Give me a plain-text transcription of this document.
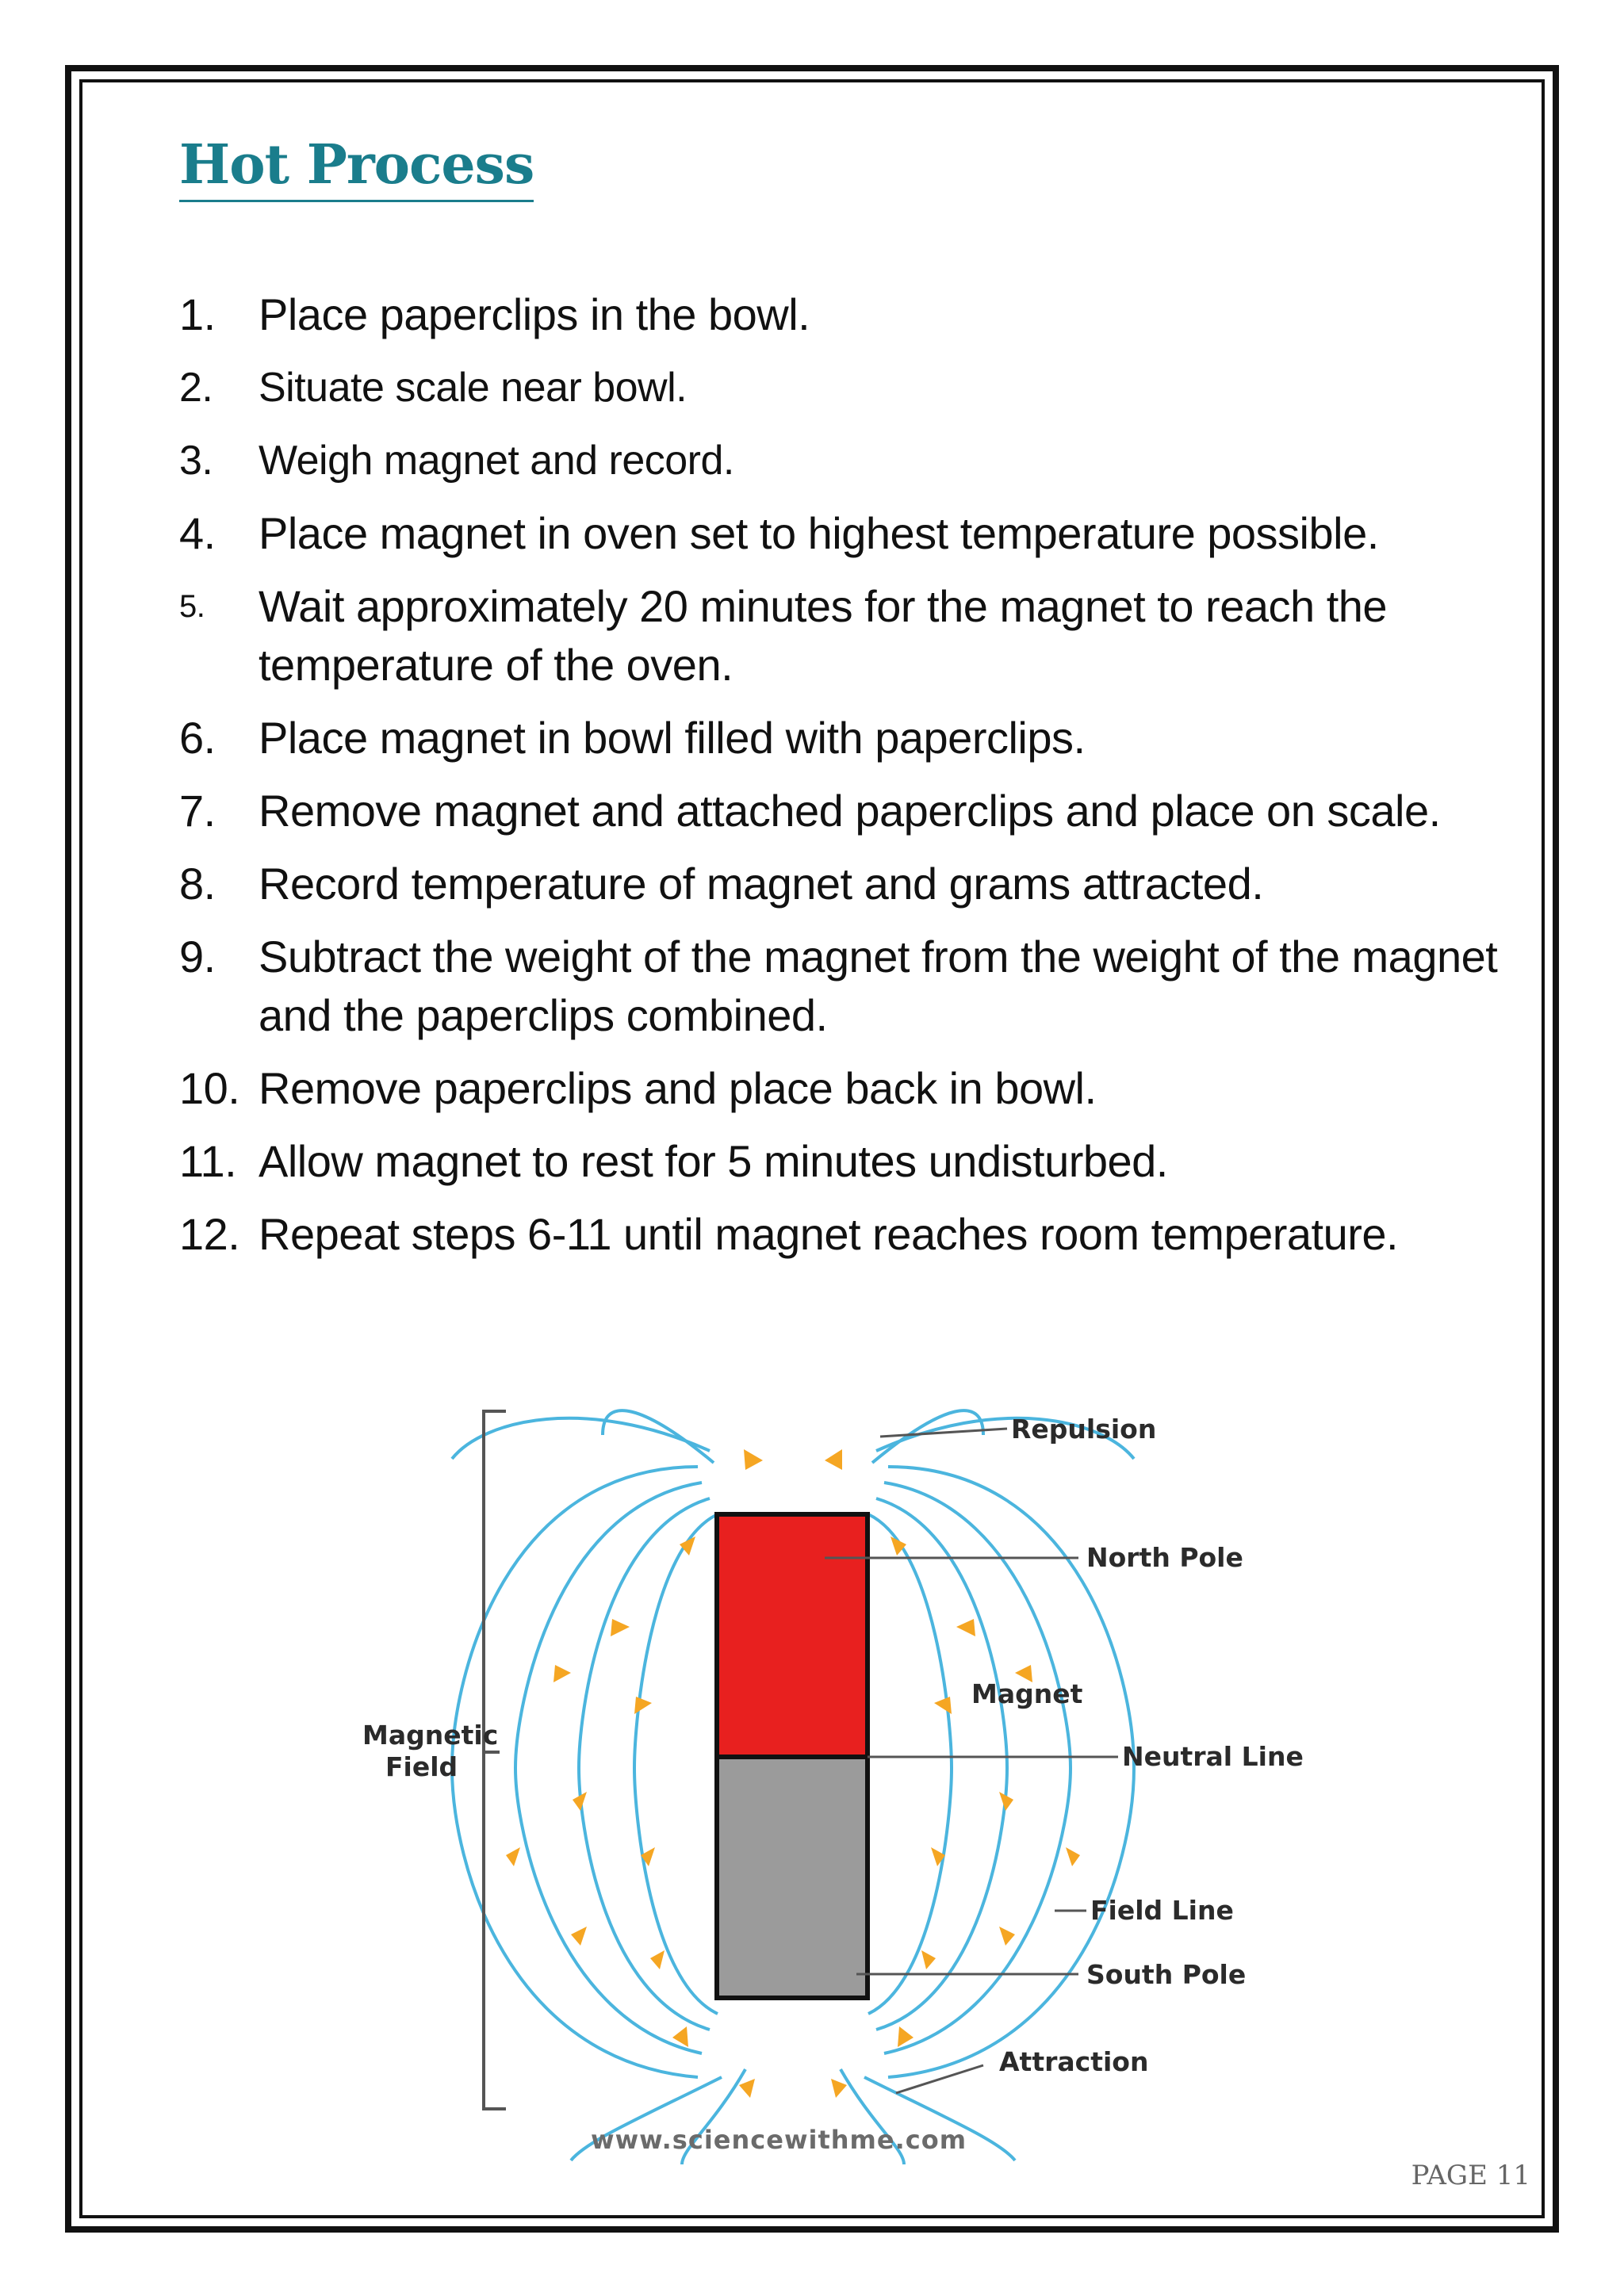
Hot Process
1. Place paperclips in the bowl.
2.	Situate scale near bowl.
3.	Weigh magnet and record.
4. Place magnet in oven set to highest temperature possible.
5.	Wait approximately 20 minutes for the magnet to reach the temperature of the oven.
6. Place magnet in bowl filled with paperclips.
7. Remove magnet and attached paperclips and place on scale.
8. Record temperature of magnet and grams attracted.
9. Subtract the weight of the magnet from the weight of the magnet and the paperclips combined.
10. Remove paperclips and place back in bowl.
11. Allow magnet to rest for 5 minutes undisturbed.
12. Repeat steps 6-11 until magnet reaches room temperature.
Repulsion
North Pole
Magnet
Neutral Line
Magnetic
Field
Field Line
South Pole
Attraction
www.sciencewithme.com
PAGE 11
